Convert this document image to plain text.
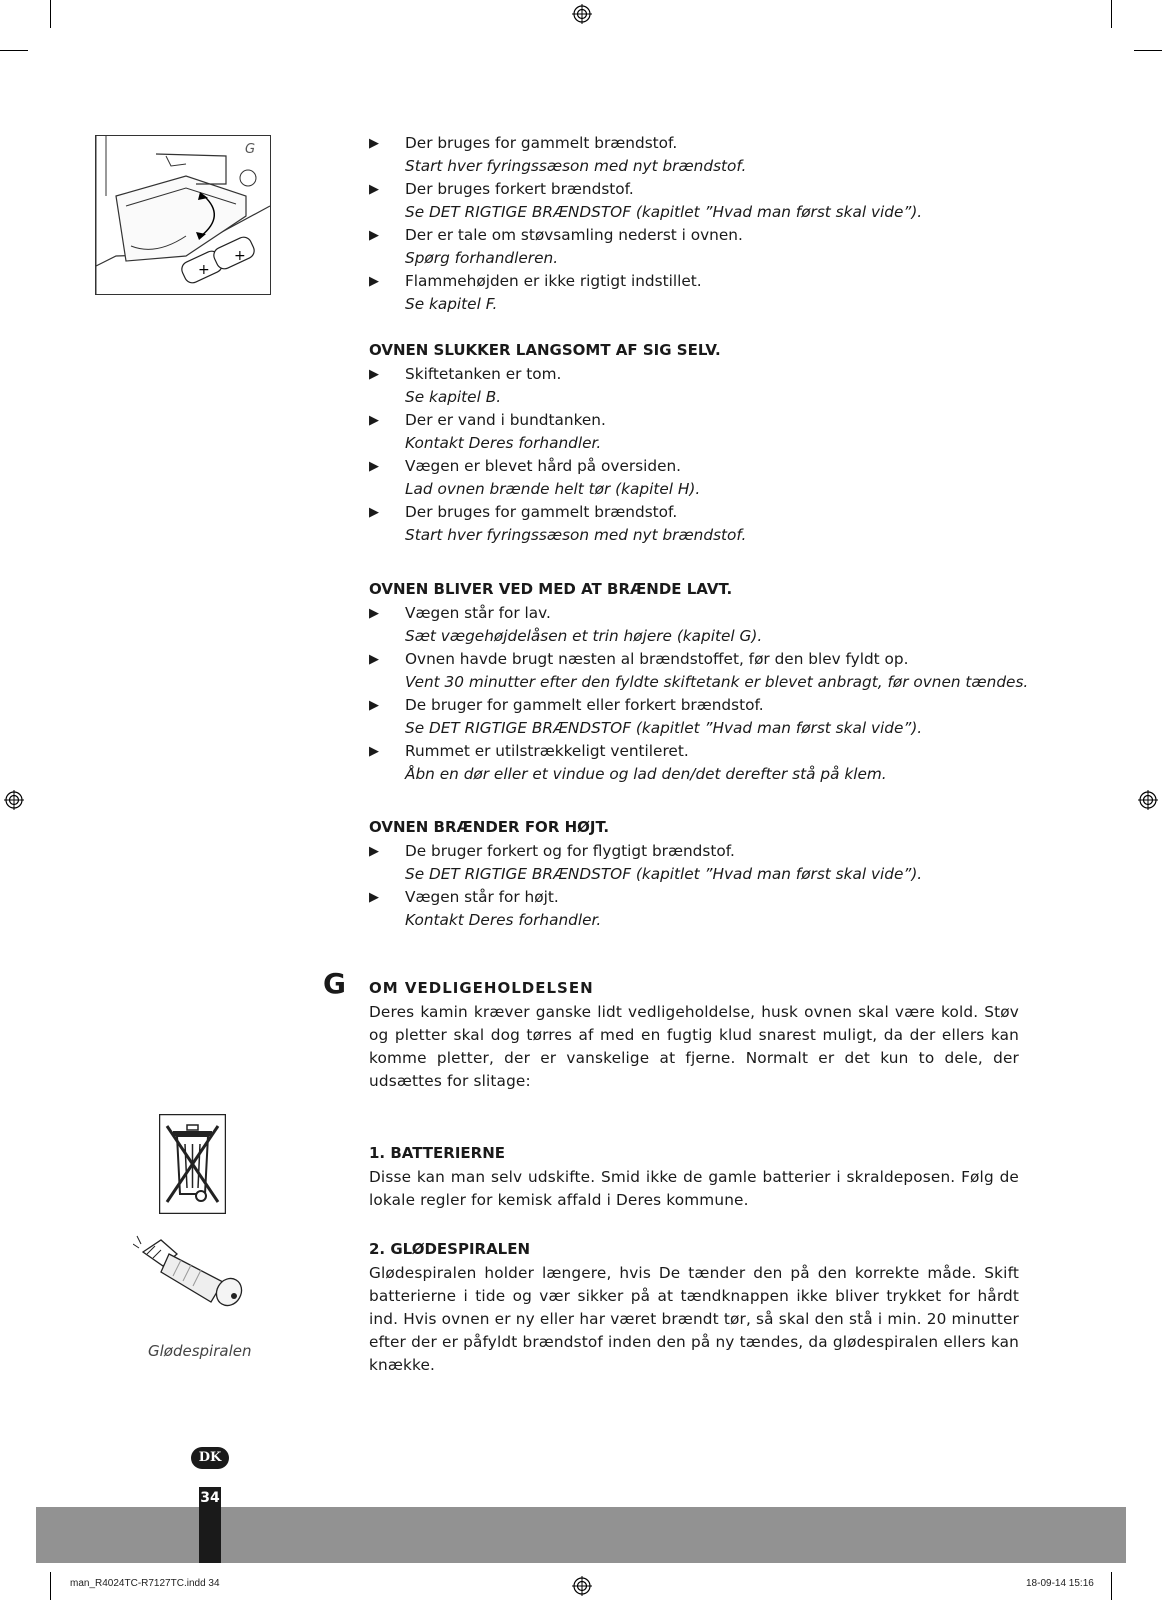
+
+
G	▶ Der bruges for gammelt brændstof.
Start hver fyringssæson med nyt brændstof.
▶ Der bruges forkert brændstof.
Se DET RIGTIGE BRÆNDSTOF (kapitlet ”Hvad man først skal vide”).
▶ Der er tale om støvsamling nederst i ovnen.
Spørg forhandleren.
▶ Flammehøjden er ikke rigtigt indstillet.
Se kapitel F.
OVNEN SLUKKER LANGSOMT AF SIG SELV.
▶ Skiftetanken er tom.
Se kapitel B.
▶ Der er vand i bundtanken.
Kontakt Deres forhandler.
▶ Vægen er blevet hård på oversiden.
Lad ovnen brænde helt tør (kapitel H).
▶ Der bruges for gammelt brændstof.
Start hver fyringssæson med nyt brændstof.
OVNEN BLIVER VED MED AT BRÆNDE LAVT.
▶ Vægen står for lav.
Sæt vægehøjdelåsen et trin højere (kapitel G).
▶ Ovnen havde brugt næsten al brændstoffet, før den blev fyldt op.
Vent 30 minutter efter den fyldte skiftetank er blevet anbragt, før ovnen tændes.
▶ De bruger for gammelt eller forkert brændstof.
Se DET RIGTIGE BRÆNDSTOF (kapitlet ”Hvad man først skal vide”).
▶ Rummet er utilstrækkeligt ventileret.
Åbn en dør eller et vindue og lad den/det derefter stå på klem.
OVNEN BRÆNDER FOR HØJT.
▶ De bruger forkert og for flygtigt brændstof.
Se DET RIGTIGE BRÆNDSTOF (kapitlet ”Hvad man først skal vide”).
▶ Vægen står for højt.
Kontakt Deres forhandler.
G OM VEDLIGEHOLDELSEN
Deres kamin kræver ganske lidt vedligeholdelse, husk ovnen skal være kold. Støv og pletter skal dog tørres af med en fugtig klud snarest muligt, da der ellers kan komme pletter, der er vanskelige at fjerne. Normalt er det kun to dele, der udsættes for slitage:
1. BATTERIERNE
Disse kan man selv udskifte. Smid ikke de gamle batterier i skraldeposen. Følg de lokale regler for kemisk affald i Deres kommune.
2. GLØDESPIRALEN
Glødespiralen holder længere, hvis De tænder den på den korrekte måde. Skift batterierne i tide og vær sikker på at tændknappen ikke bliver trykket for hårdt ind. Hvis ovnen er ny eller har været brændt tør, så skal den stå i min. 20 minutter efter der er påfyldt brændstof inden den på ny tændes, da glødespiralen ellers kan knække.
Glødespiralen
DK
34
man_R4024TC-R7127TC.indd 34	18-09-14 15:16
